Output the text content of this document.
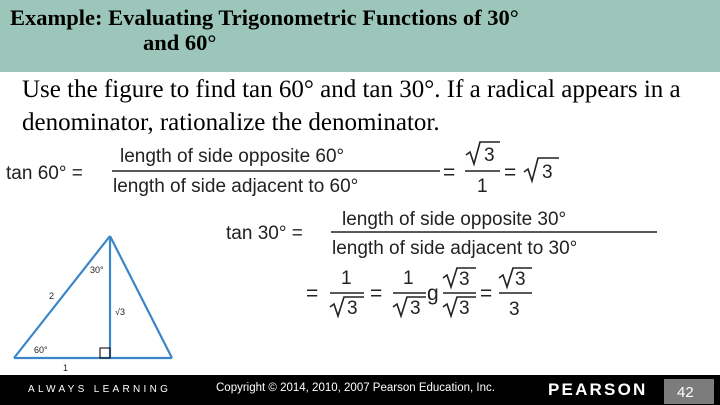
Example: Evaluating Trigonometric Functions of 30°
and 60°
Use the figure to find tan 60° and tan 30°. If a radical appears in a denominator, rationalize the denominator.
tan 60° =
length of side opposite 60°
length of side adjacent to 60°
=
3
1
= 3
tan 30° =
length of side opposite 30°
length of side adjacent to 30°
=
1
3
=
1
3
g
3
3
=
3
3
30°
2
√3
60°
1
ALWAYS LEARNING	Copyright © 2014, 2010, 2007 Pearson Education, Inc.	PEARSON	42
